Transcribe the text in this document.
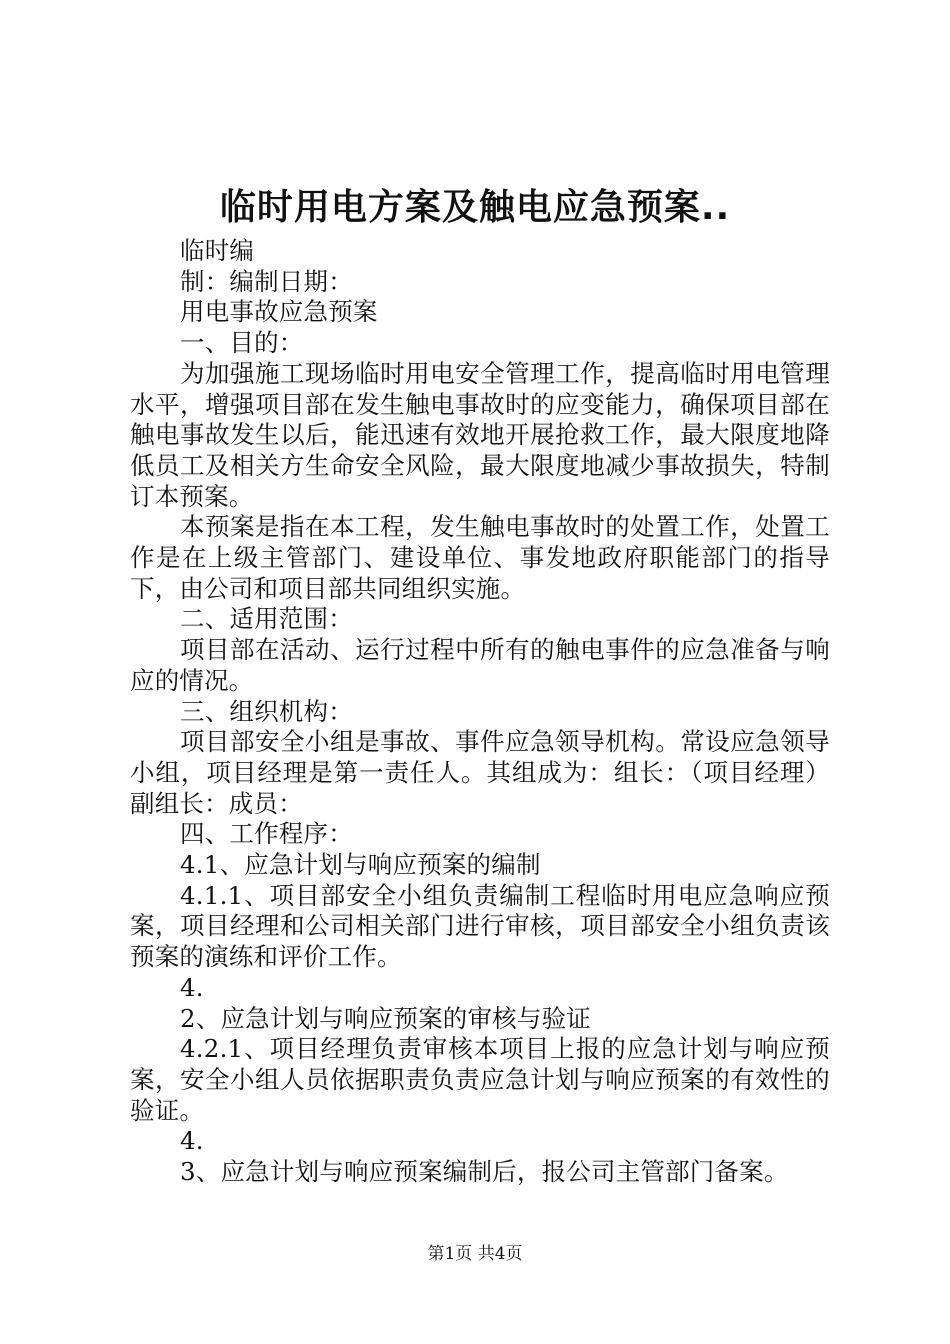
临时用电方案及触电应急预案..

临时编

制：编制日期：

用电事故应急预案

一、目的：

为加强施工现场临时用电安全管理工作，提高临时用电管理水平，增强项目部在发生触电事故时的应变能力，确保项目部在触电事故发生以后，能迅速有效地开展抢救工作，最大限度地降低员工及相关方生命安全风险，最大限度地减少事故损失，特制订本预案。

本预案是指在本工程，发生触电事故时的处置工作，处置工作是在上级主管部门、建设单位、事发地政府职能部门的指导下，由公司和项目部共同组织实施。

二、适用范围：

项目部在活动、运行过程中所有的触电事件的应急准备与响应的情况。

三、组织机构：

项目部安全小组是事故、事件应急领导机构。常设应急领导小组，项目经理是第一责任人。其组成为：组长：（项目经理）副组长：成员：

四、工作程序：

4.1、应急计划与响应预案的编制

4.1.1、项目部安全小组负责编制工程临时用电应急响应预案，项目经理和公司相关部门进行审核，项目部安全小组负责该预案的演练和评价工作。

4.

2、应急计划与响应预案的审核与验证

4.2.1、项目经理负责审核本项目上报的应急计划与响应预案，安全小组人员依据职责负责应急计划与响应预案的有效性的验证。

4.

3、应急计划与响应预案编制后，报公司主管部门备案。

第1页 共4页
